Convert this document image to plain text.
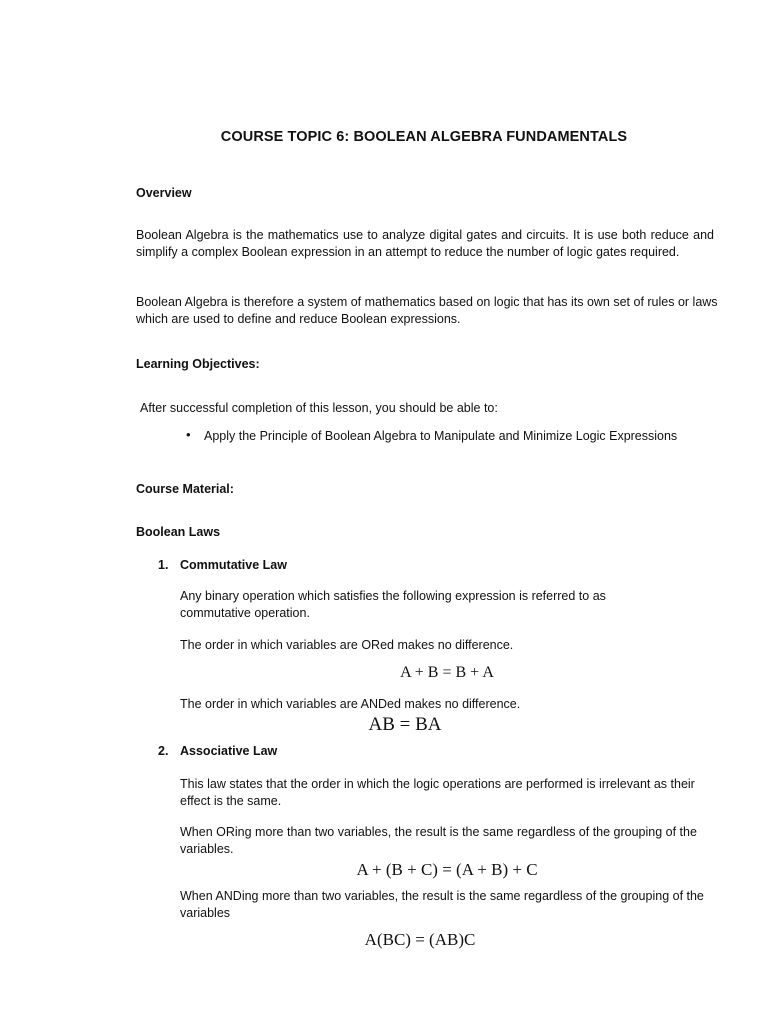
COURSE TOPIC 6: BOOLEAN ALGEBRA FUNDAMENTALS
Overview

Boolean Algebra is the mathematics use to analyze digital gates and circuits. It is use both reduce and simplify a complex Boolean expression in an attempt to reduce the number of logic gates required.

Boolean Algebra is therefore a system of mathematics based on logic that has its own set of rules or laws which are used to define and reduce Boolean expressions.

Learning Objectives:

After successful completion of this lesson, you should be able to:

• Apply the Principle of Boolean Algebra to Manipulate and Minimize Logic Expressions

Course Material:
Boolean Laws
1. Commutative Law

Any binary operation which satisfies the following expression is referred to as commutative operation.

The order in which variables are ORed makes no difference.

A + B = B + A

The order in which variables are ANDed makes no difference.

AB = BA
2. Associative Law

This law states that the order in which the logic operations are performed is irrelevant as their effect is the same.

When ORing more than two variables, the result is the same regardless of the grouping of the variables.

A + (B + C) = (A + B) + C

When ANDing more than two variables, the result is the same regardless of the grouping of the variables

A(BC) = (AB)C
